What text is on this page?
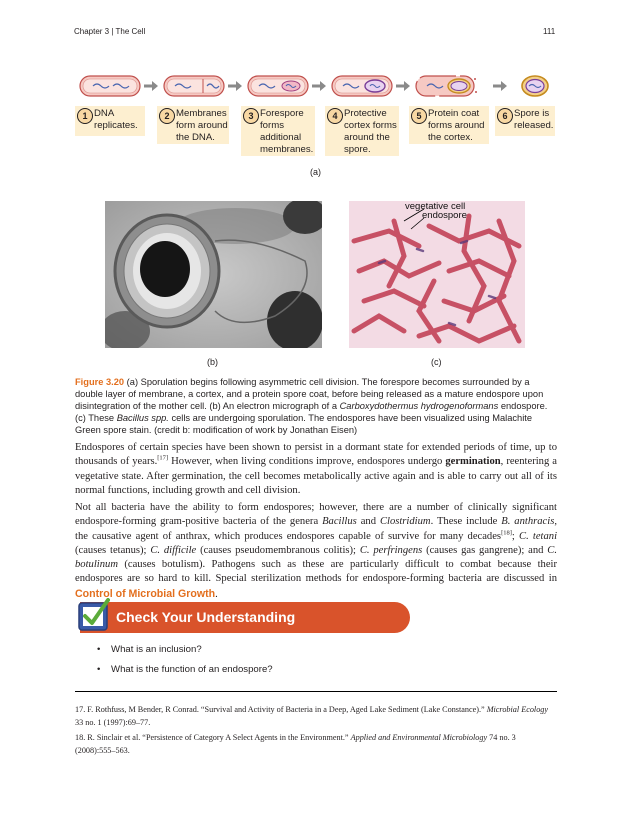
Chapter 3 | The Cell	111
1 DNA
replicates.
2 Membranes
form around
the DNA.
3 Forespore
forms
additional
membranes.
4 Protective
cortex forms
around the
spore.
5 Protein coat
forms around
the cortex.
6 Spore is
released.
(a)
(b)
vegetative cell
endospore
(c)
Figure 3.20 (a) Sporulation begins following asymmetric cell division. The forespore becomes surrounded by a double layer of membrane, a cortex, and a protein spore coat, before being released as a mature endospore upon disintegration of the mother cell. (b) An electron micrograph of a Carboxydothermus hydrogenoformans endospore. (c) These Bacillus spp. cells are undergoing sporulation. The endospores have been visualized using Malachite Green spore stain. (credit b: modification of work by Jonathan Eisen)
Endospores of certain species have been shown to persist in a dormant state for extended periods of time, up to thousands of years.[17] However, when living conditions improve, endospores undergo germination, reentering a vegetative state. After germination, the cell becomes metabolically active again and is able to carry out all of its normal functions, including growth and cell division.
Not all bacteria have the ability to form endospores; however, there are a number of clinically significant endospore-forming gram-positive bacteria of the genera Bacillus and Clostridium. These include B. anthracis, the causative agent of anthrax, which produces endospores capable of survive for many decades[18]; C. tetani (causes tetanus); C. difficile (causes pseudomembranous colitis); C. perfringens (causes gas gangrene); and C. botulinum (causes botulism). Pathogens such as these are particularly difficult to combat because their endospores are so hard to kill. Special sterilization methods for endospore-forming bacteria are discussed in Control of Microbial Growth.
Check Your Understanding
•    What is an inclusion?
•    What is the function of an endospore?
17. F. Rothfuss, M Bender, R Conrad. “Survival and Activity of Bacteria in a Deep, Aged Lake Sediment (Lake Constance).” Microbial Ecology 33 no. 1 (1997):69–77.
18. R. Sinclair et al. “Persistence of Category A Select Agents in the Environment.” Applied and Environmental Microbiology 74 no. 3 (2008):555–563.
